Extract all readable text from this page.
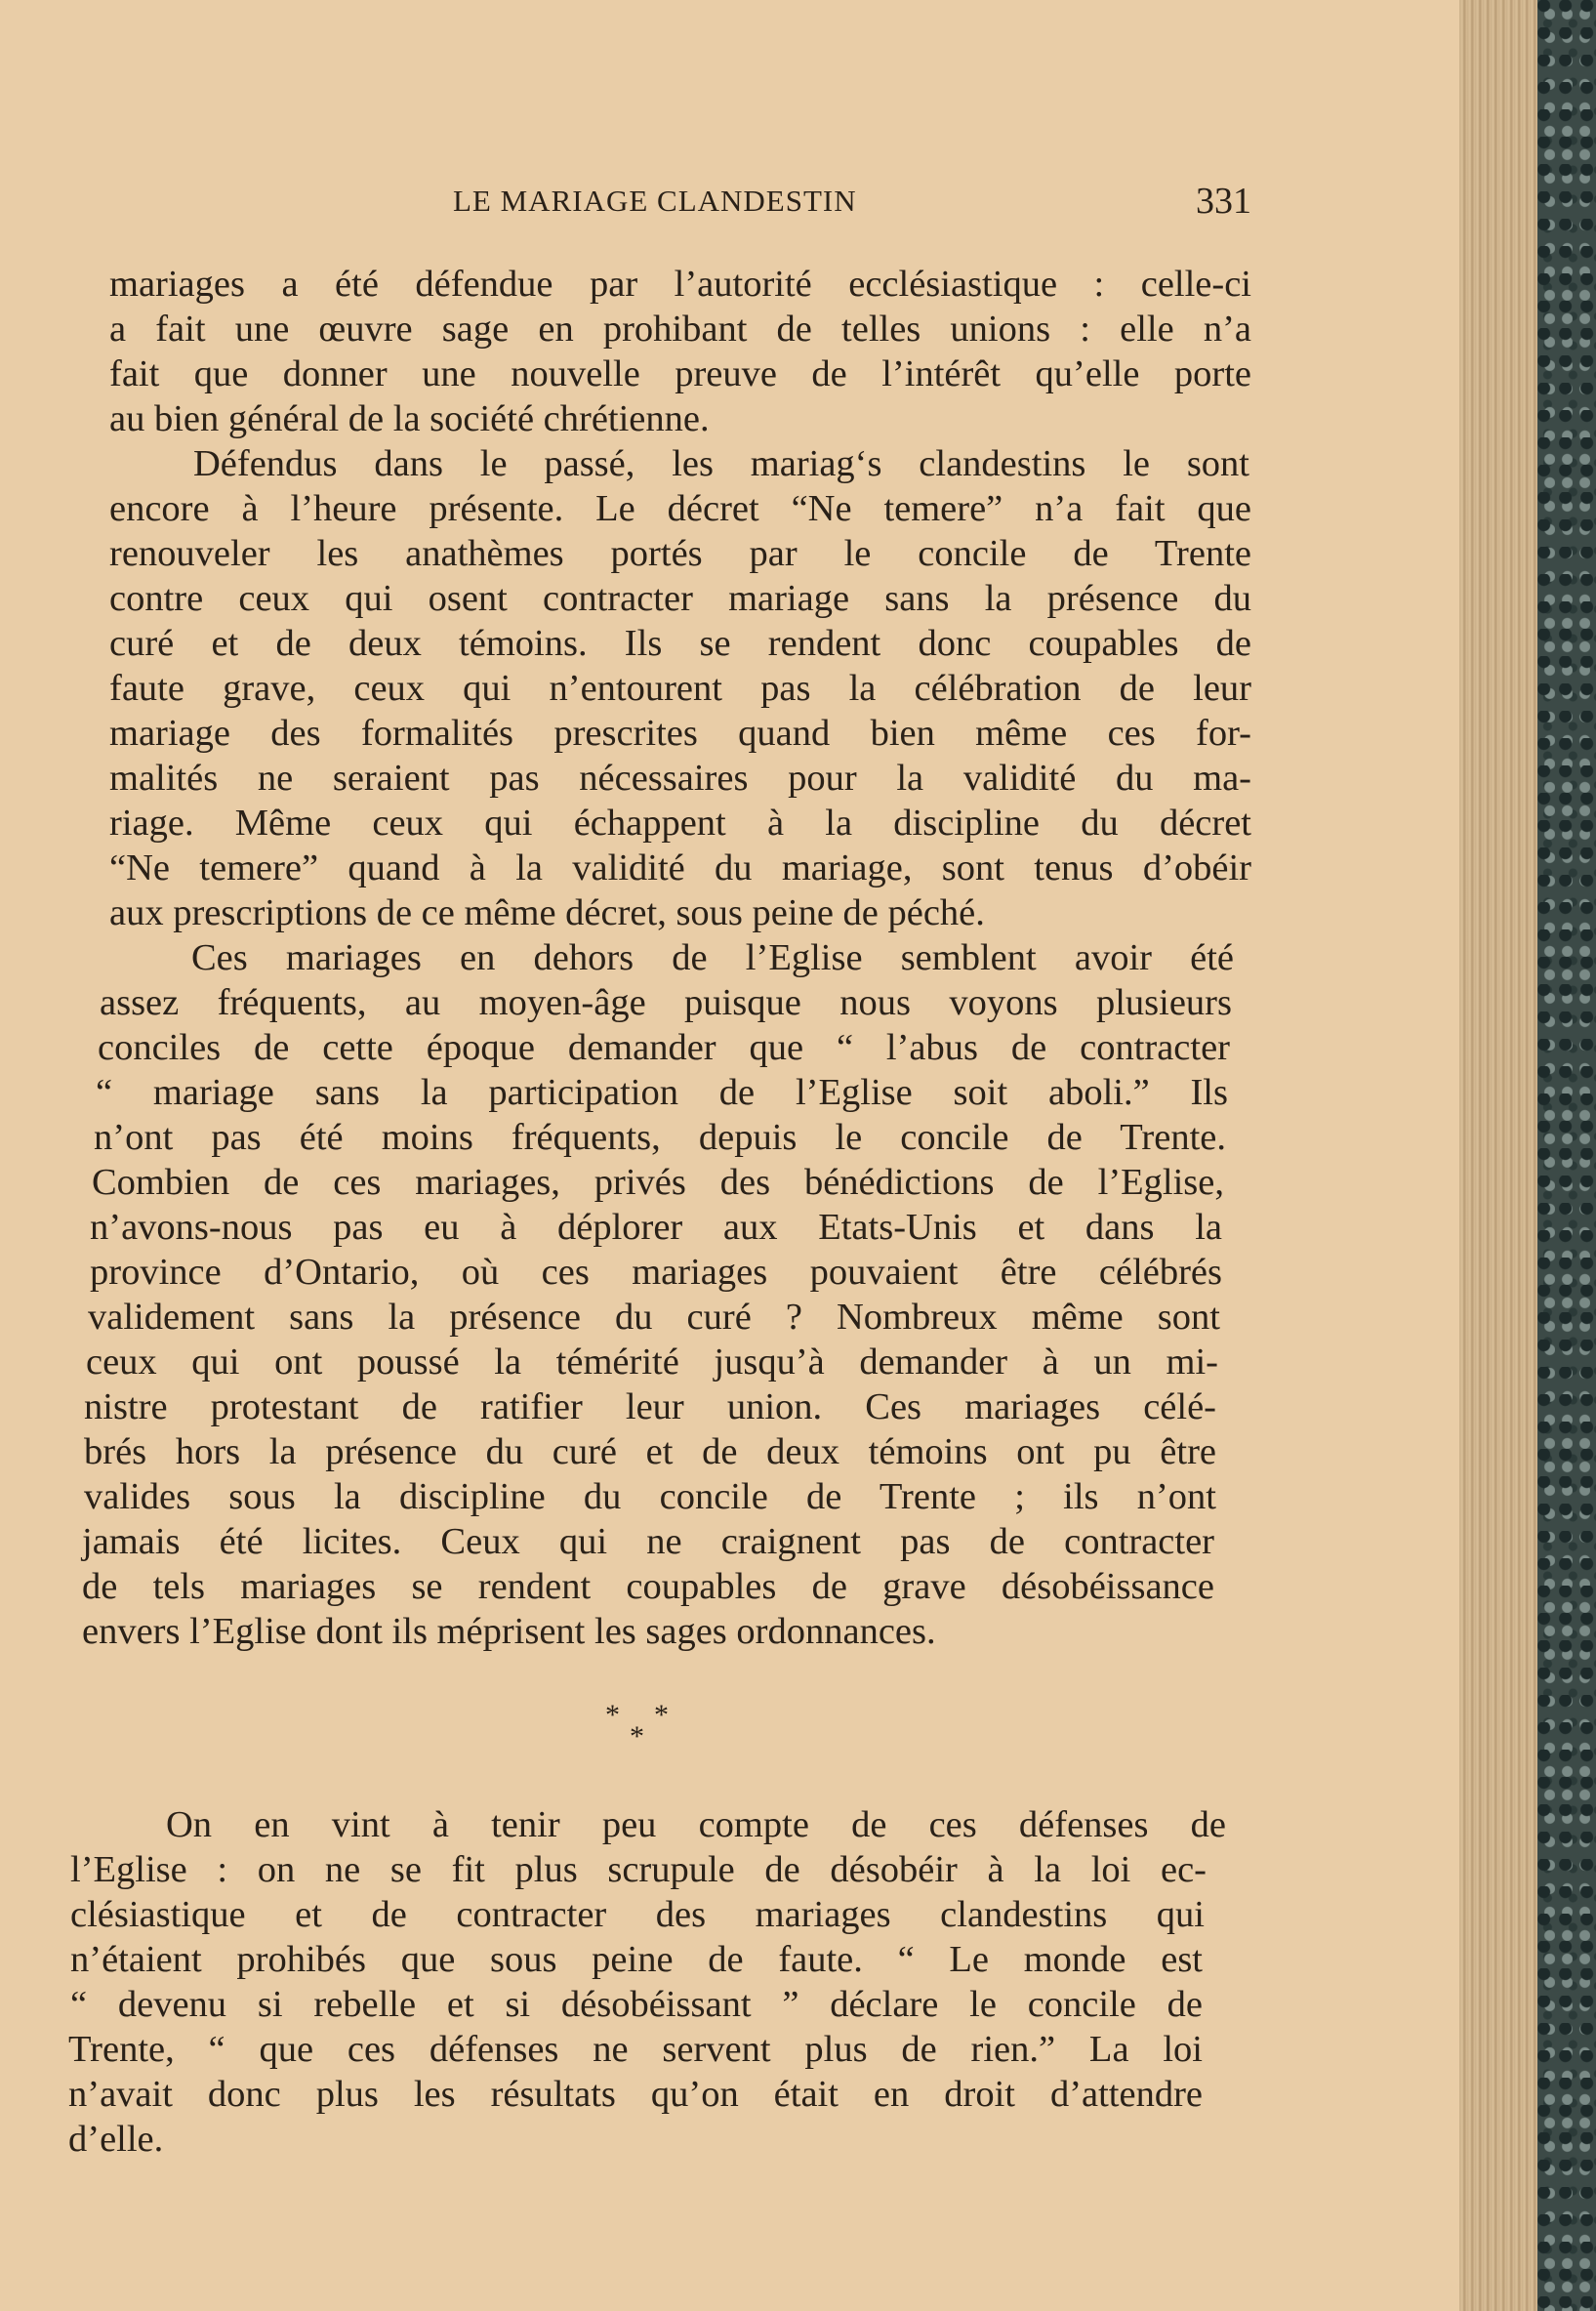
LE MARIAGE CLANDESTIN	331
mariages a été défendue par l’autorité ecclésiastique : celle-ci
a fait une œuvre sage en prohibant de telles unions : elle n’a
fait que donner une nouvelle preuve de l’intérêt qu’elle porte
au bien général de la société chrétienne.
Défendus dans le passé, les mariag‘s clandestins le sont
encore à l’heure présente. Le décret “Ne temere” n’a fait que
renouveler les anathèmes portés par le concile de Trente
contre ceux qui osent contracter mariage sans la présence du
curé et de deux témoins. Ils se rendent donc coupables de
faute grave, ceux qui n’entourent pas la célébration de leur
mariage des formalités prescrites quand bien même ces for-
malités ne seraient pas nécessaires pour la validité du ma-
riage. Même ceux qui échappent à la discipline du décret
“Ne temere” quand à la validité du mariage, sont tenus d’obéir
aux prescriptions de ce même décret, sous peine de péché.
Ces mariages en dehors de l’Eglise semblent avoir été
assez fréquents, au moyen-âge puisque nous voyons plusieurs
conciles de cette époque demander que “ l’abus de contracter
“ mariage sans la participation de l’Eglise soit aboli.” Ils
n’ont pas été moins fréquents, depuis le concile de Trente.
Combien de ces mariages, privés des bénédictions de l’Eglise,
n’avons-nous pas eu à déplorer aux Etats-Unis et dans la
province d’Ontario, où ces mariages pouvaient être célébrés
validement sans la présence du curé ? Nombreux même sont
ceux qui ont poussé la témérité jusqu’à demander à un mi-
nistre protestant de ratifier leur union. Ces mariages célé-
brés hors la présence du curé et de deux témoins ont pu être
valides sous la discipline du concile de Trente ; ils n’ont
jamais été licites. Ceux qui ne craignent pas de contracter
de tels mariages se rendent coupables de grave désobéissance
envers l’Eglise dont ils méprisent les sages ordonnances.
* *
*
On en vint à tenir peu compte de ces défenses de
l’Eglise : on ne se fit plus scrupule de désobéir à la loi ec-
clésiastique et de contracter des mariages clandestins qui
n’étaient prohibés que sous peine de faute. “ Le monde est
“ devenu si rebelle et si désobéissant ” déclare le concile de
Trente, “ que ces défenses ne servent plus de rien.” La loi
n’avait donc plus les résultats qu’on était en droit d’attendre
d’elle.
